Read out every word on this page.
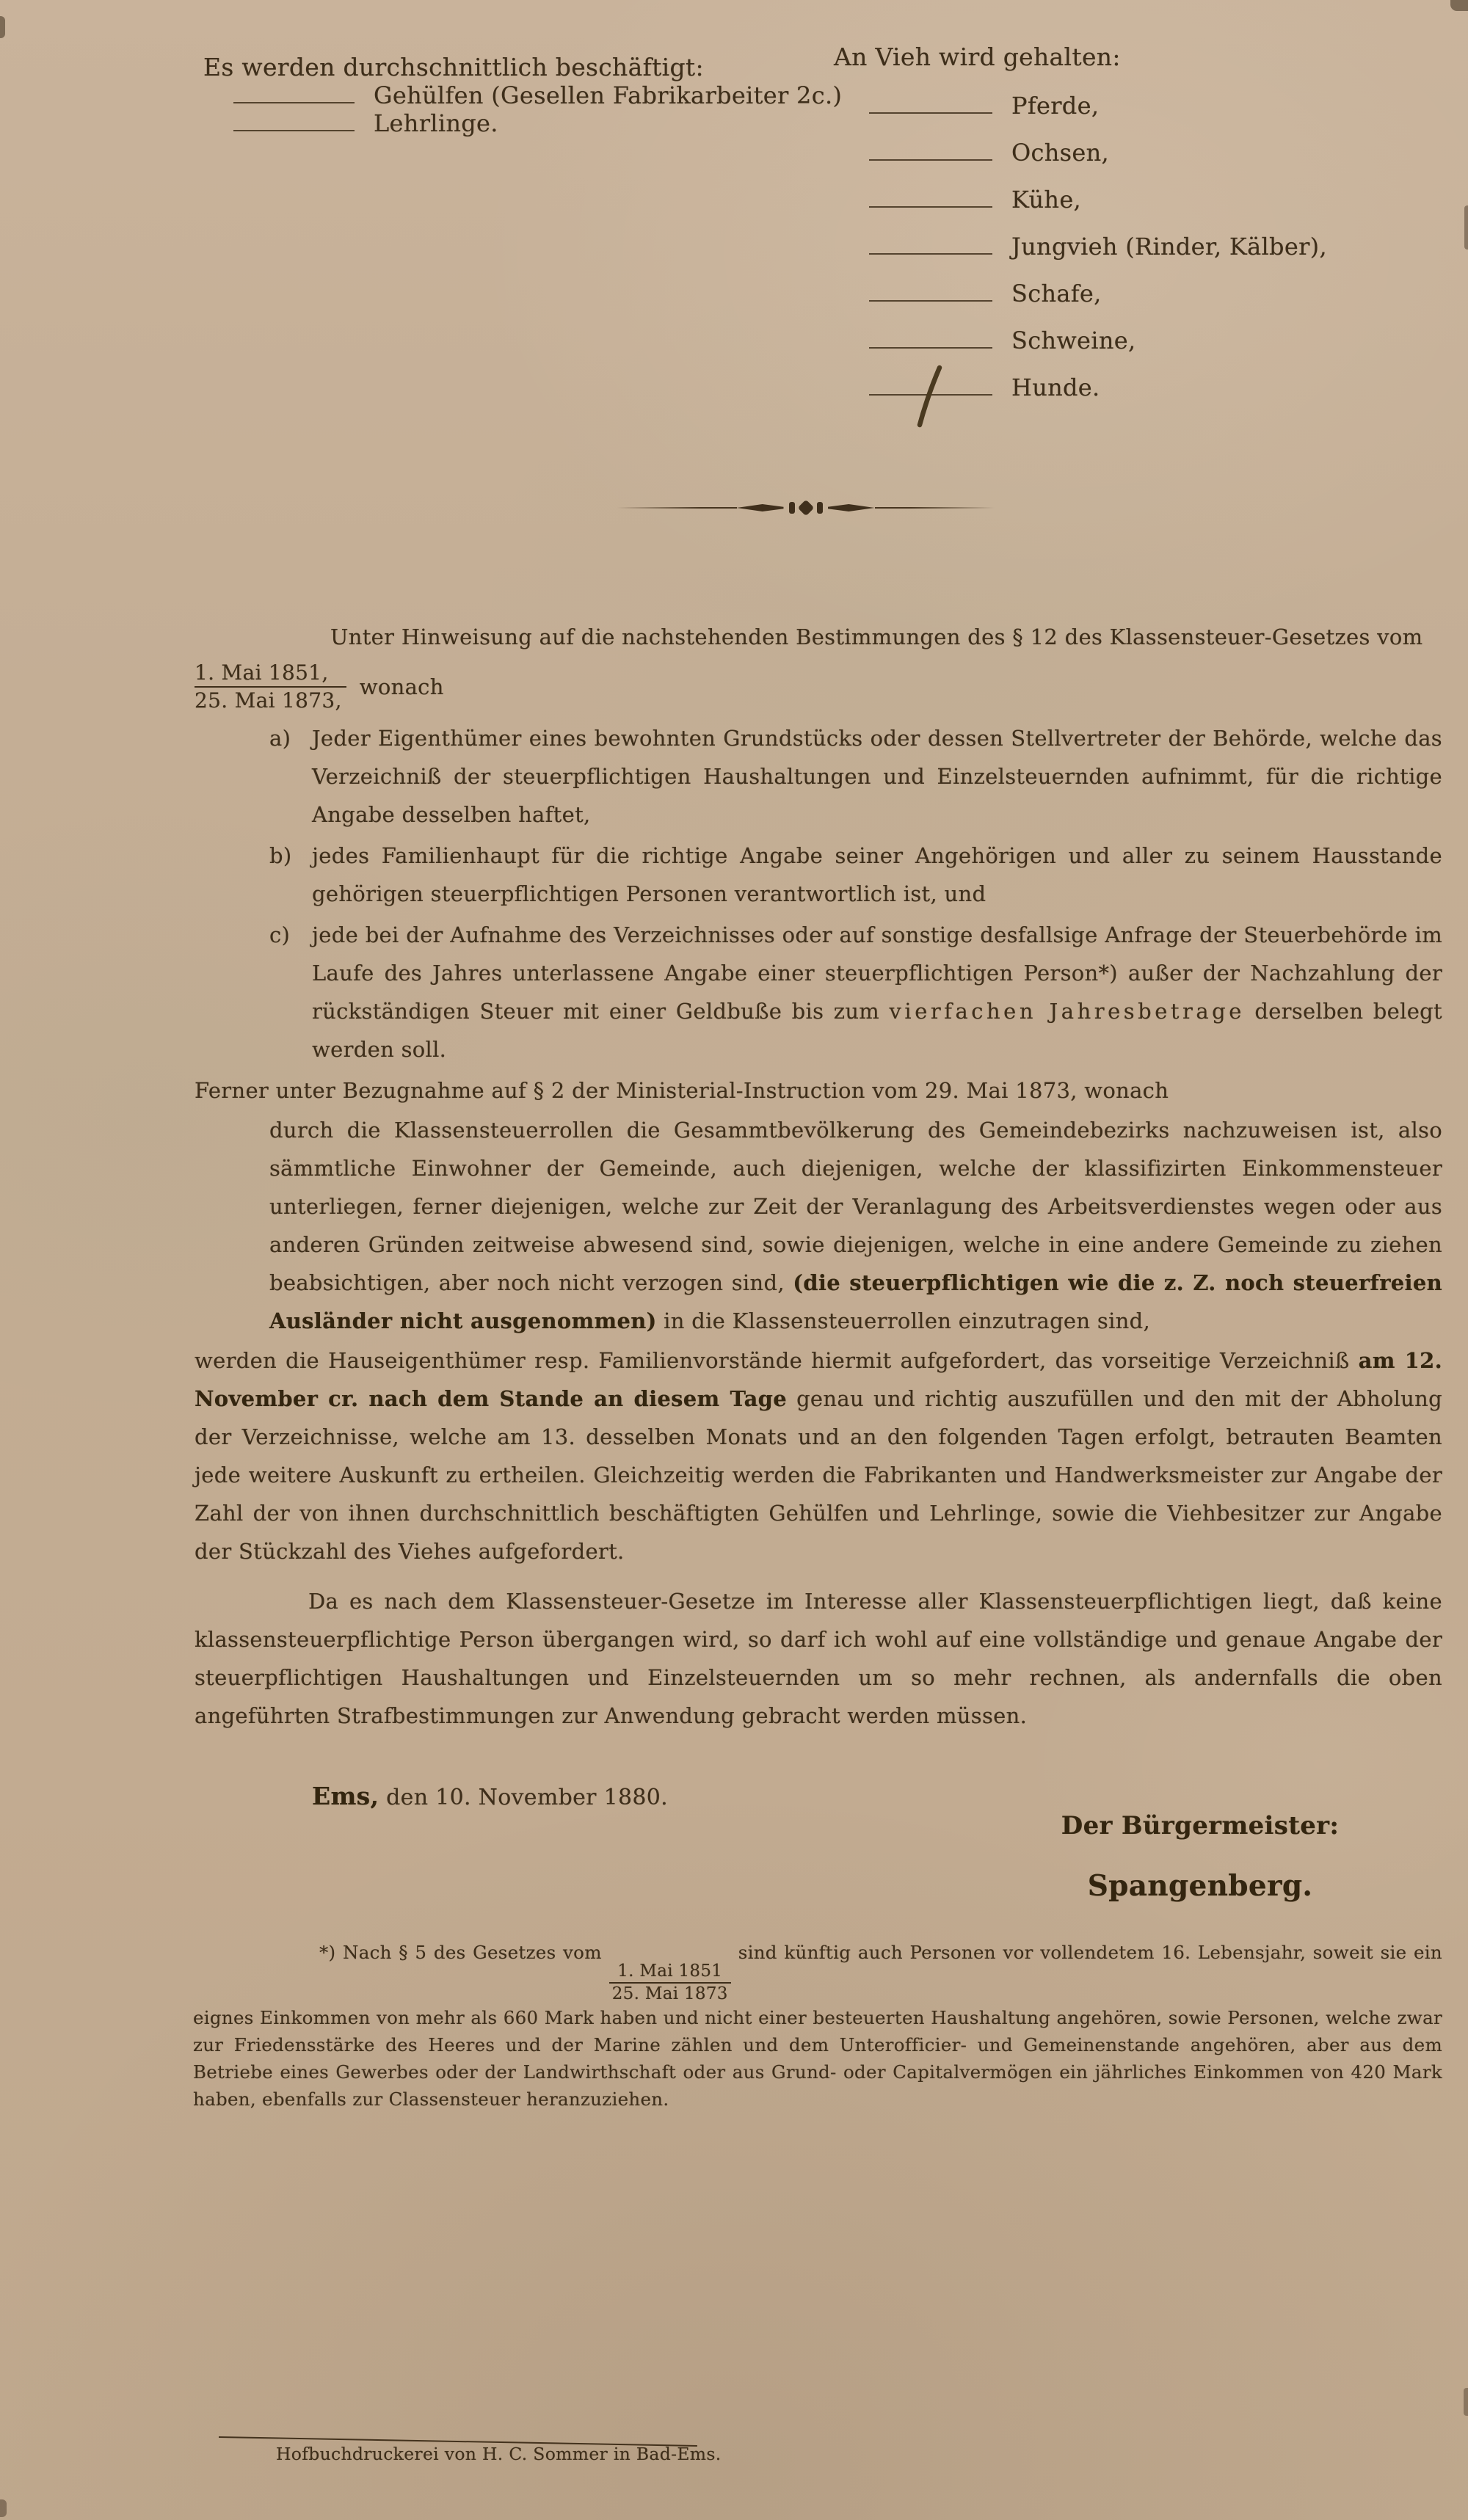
Es werden durchschnittlich beschäftigt:
Gehülfen (Gesellen Fabrikarbeiter 2c.)
Lehrlinge.
An Vieh wird gehalten:
Pferde,
Ochsen,
Kühe,
Jungvieh (Rinder, Kälber),
Schafe,
Schweine,
Hunde.
Unter Hinweisung auf die nachstehenden Bestimmungen des § 12 des Klassensteuer-Gesetzes vom
$\frac{\text{1. Mai 1851,}}{\text{25. Mai 1873,}}$ wonach
a) Jeder Eigenthümer eines bewohnten Grundstücks oder dessen Stellvertreter der Behörde, welche das Verzeichniß der steuerpflichtigen Haushaltungen und Einzelsteuernden aufnimmt, für die richtige Angabe desselben haftet,
b) jedes Familienhaupt für die richtige Angabe seiner Angehörigen und aller zu seinem Hausstande gehörigen steuerpflichtigen Personen verantwortlich ist, und
c)	jede bei der Aufnahme des Verzeichnisses oder auf sonstige desfallsige Anfrage der Steuerbehörde im Laufe des Jahres unterlassene Angabe einer steuerpflichtigen Person*) außer der Nachzahlung der rückständigen Steuer mit einer Geldbuße bis zum vierfachen Jahresbetrage derselben belegt werden soll.
Ferner unter Bezugnahme auf § 2 der Ministerial-Instruction vom 29. Mai 1873, wonach
durch die Klassensteuerrollen die Gesammtbevölkerung des Gemeindebezirks nachzuweisen ist, also sämmtliche Einwohner der Gemeinde, auch diejenigen, welche der klassifizirten Einkommensteuer unterliegen, ferner diejenigen, welche zur Zeit der Veranlagung des Arbeitsverdienstes wegen oder aus anderen Gründen zeitweise abwesend sind, sowie diejenigen, welche in eine andere Gemeinde zu ziehen beabsichtigen, aber noch nicht verzogen sind, (die steuerpflichtigen wie die z. Z. noch steuerfreien Ausländer nicht ausgenommen) in die Klassensteuerrollen einzutragen sind,
werden die Hauseigenthümer resp. Familienvorstände hiermit aufgefordert, das vorseitige Verzeichniß am 12. November cr. nach dem Stande an diesem Tage genau und richtig auszufüllen und den mit der Abholung der Verzeichnisse, welche am 13. desselben Monats und an den folgenden Tagen erfolgt, betrauten Beamten jede weitere Auskunft zu ertheilen. Gleichzeitig werden die Fabrikanten und Handwerksmeister zur Angabe der Zahl der von ihnen durchschnittlich beschäftigten Gehülfen und Lehrlinge, sowie die Viehbesitzer zur Angabe der Stückzahl des Viehes aufgefordert.
Da es nach dem Klassensteuer-Gesetze im Interesse aller Klassensteuerpflichtigen liegt, daß keine klassensteuerpflichtige Person übergangen wird, so darf ich wohl auf eine vollständige und genaue Angabe der steuerpflichtigen Haushaltungen und Einzelsteuernden um so mehr rechnen, als andernfalls die oben angeführten Strafbestimmungen zur Anwendung gebracht werden müssen.
Ems, den 10. November 1880.
Der Bürgermeister:
Spangenberg.
*) Nach § 5 des Gesetzes vom
$\frac{\text{1. Mai 1851}}{\text{25. Mai 1873}}$
sind künftig auch Personen vor vollendetem 16. Lebensjahr, soweit sie ein eignes Einkommen von mehr als 660 Mark haben und nicht einer besteuerten Haushaltung angehören, sowie Personen, welche zwar zur Friedensstärke des Heeres und der Marine zählen und dem Unterofficier- und Gemeinenstande angehören, aber aus dem Betriebe eines Gewerbes oder der Landwirthschaft oder aus Grund- oder Capitalvermögen ein jährliches Einkommen von 420 Mark haben, ebenfalls zur Classensteuer heranzuziehen.
Hofbuchdruckerei von H. C. Sommer in Bad-Ems.
